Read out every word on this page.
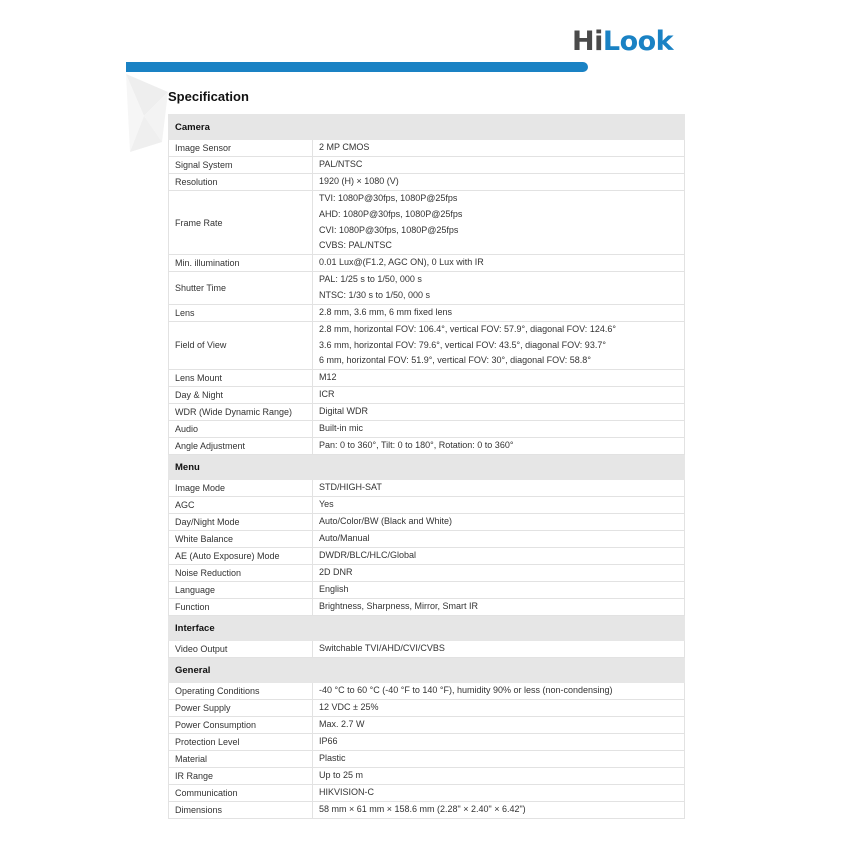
HiLook
Specification
Camera	
Image Sensor	2 MP CMOS

Signal System	PAL/NTSC

Resolution	1920 (H) × 1080 (V)

Frame Rate	TVI: 1080P@30fps, 1080P@25fps
AHD: 1080P@30fps, 1080P@25fps
CVI: 1080P@30fps, 1080P@25fps
CVBS: PAL/NTSC

Min. illumination	0.01 Lux@(F1.2, AGC ON), 0 Lux with IR

Shutter Time	PAL: 1/25 s to 1/50, 000 s
NTSC: 1/30 s to 1/50, 000 s

Lens	2.8 mm, 3.6 mm, 6 mm fixed lens

Field of View	2.8 mm, horizontal FOV: 106.4°, vertical FOV: 57.9°, diagonal FOV: 124.6°
3.6 mm, horizontal FOV: 79.6°, vertical FOV: 43.5°, diagonal FOV: 93.7°
6 mm, horizontal FOV: 51.9°, vertical FOV: 30°, diagonal FOV: 58.8°

Lens Mount	M12

Day & Night	ICR

WDR (Wide Dynamic Range)	Digital WDR

Audio	Built-in mic

Angle Adjustment	Pan: 0 to 360°, Tilt: 0 to 180°, Rotation: 0 to 360°

Menu	
Image Mode	STD/HIGH-SAT

AGC	Yes

Day/Night Mode	Auto/Color/BW (Black and White)

White Balance	Auto/Manual

AE (Auto Exposure) Mode	DWDR/BLC/HLC/Global

Noise Reduction	2D DNR

Language	English

Function	Brightness, Sharpness, Mirror, Smart IR

Interface	
Video Output	Switchable TVI/AHD/CVI/CVBS

General	
Operating Conditions	-40 °C to 60 °C (-40 °F to 140 °F), humidity 90% or less (non-condensing)

Power Supply	12 VDC ± 25%

Power Consumption	Max. 2.7 W

Protection Level	IP66

Material	Plastic

IR Range	Up to 25 m

Communication	HIKVISION-C

Dimensions	58 mm × 61 mm × 158.6 mm (2.28" × 2.40" × 6.42")
